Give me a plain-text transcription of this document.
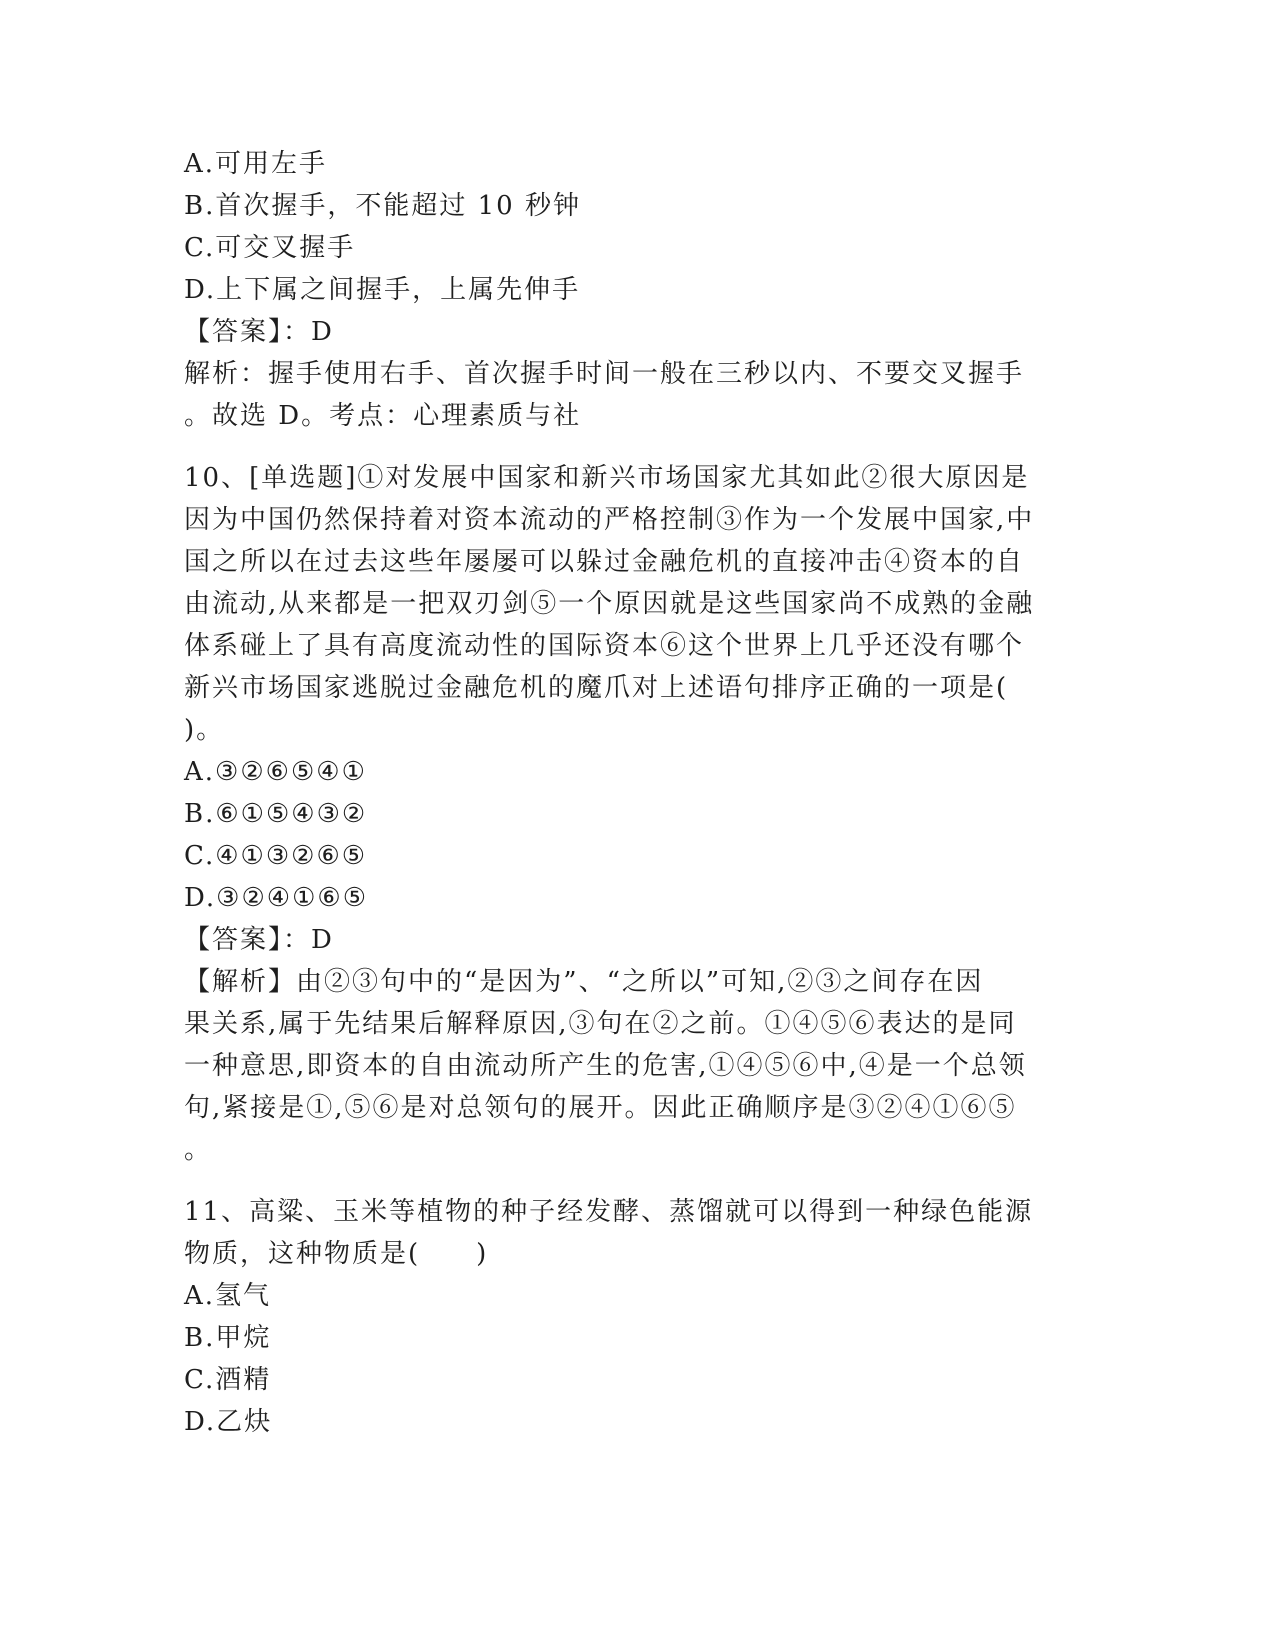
A.可用左手
B.首次握手，不能超过 10 秒钟
C.可交叉握手
D.上下属之间握手，上属先伸手
【答案】：D
解析：握手使用右手、首次握手时间一般在三秒以内、不要交叉握手
。故选 D。考点：心理素质与社
10、[单选题]①对发展中国家和新兴市场国家尤其如此②很大原因是
因为中国仍然保持着对资本流动的严格控制③作为一个发展中国家,中
国之所以在过去这些年屡屡可以躲过金融危机的直接冲击④资本的自
由流动,从来都是一把双刃剑⑤一个原因就是这些国家尚不成熟的金融
体系碰上了具有高度流动性的国际资本⑥这个世界上几乎还没有哪个
新兴市场国家逃脱过金融危机的魔爪对上述语句排序正确的一项是(
)。
A.③②⑥⑤④①
B.⑥①⑤④③②
C.④①③②⑥⑤
D.③②④①⑥⑤
【答案】：D
【解析】由②③句中的“是因为”、“之所以”可知,②③之间存在因
果关系,属于先结果后解释原因,③句在②之前。①④⑤⑥表达的是同
一种意思,即资本的自由流动所产生的危害,①④⑤⑥中,④是一个总领
句,紧接是①,⑤⑥是对总领句的展开。因此正确顺序是③②④①⑥⑤
。
11、高粱、玉米等植物的种子经发酵、蒸馏就可以得到一种绿色能源
物质，这种物质是(　　)
A.氢气
B.甲烷
C.酒精
D.乙炔
